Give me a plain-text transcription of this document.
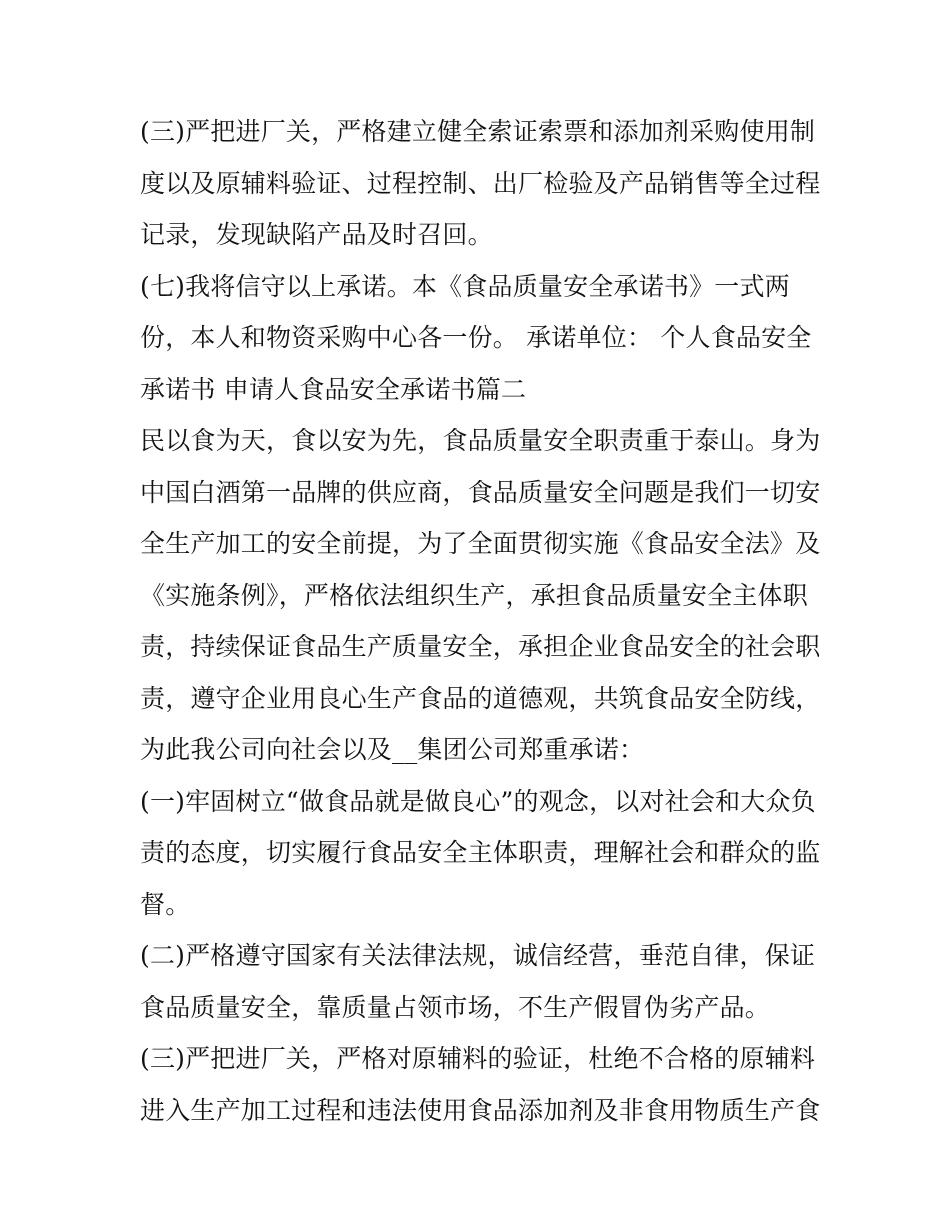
(三)严把进厂关，严格建立健全索证索票和添加剂采购使用制
度以及原辅料验证、过程控制、出厂检验及产品销售等全过程
记录，发现缺陷产品及时召回。
(七)我将信守以上承诺。本《食品质量安全承诺书》一式两
份，本人和物资采购中心各一份。 承诺单位： 个人食品安全
承诺书 申请人食品安全承诺书篇二
民以食为天，食以安为先，食品质量安全职责重于泰山。身为
中国白酒第一品牌的供应商，食品质量安全问题是我们一切安
全生产加工的安全前提，为了全面贯彻实施《食品安全法》及
《实施条例》，严格依法组织生产，承担食品质量安全主体职
责，持续保证食品生产质量安全，承担企业食品安全的社会职
责，遵守企业用良心生产食品的道德观，共筑食品安全防线，
为此我公司向社会以及__集团公司郑重承诺：
(一)牢固树立“做食品就是做良心”的观念，以对社会和大众负
责的态度，切实履行食品安全主体职责，理解社会和群众的监
督。
(二)严格遵守国家有关法律法规，诚信经营，垂范自律，保证
食品质量安全，靠质量占领市场，不生产假冒伪劣产品。
(三)严把进厂关，严格对原辅料的验证，杜绝不合格的原辅料
进入生产加工过程和违法使用食品添加剂及非食用物质生产食
